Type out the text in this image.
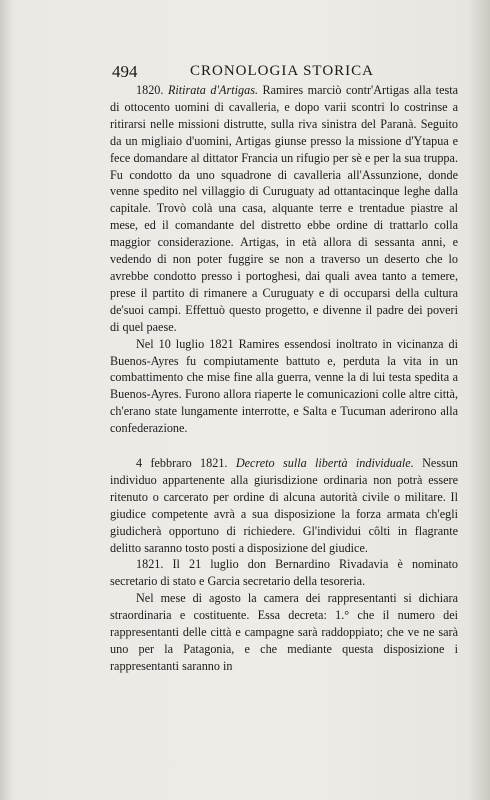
494	CRONOLOGIA STORICA

1820. Ritirata d'Artigas. Ramires marciò contr'Artigas alla testa di ottocento uomini di cavalleria, e dopo varii scontri lo costrinse a ritirarsi nelle missioni distrutte, sulla riva sinistra del Paranà. Seguito da un migliaio d'uomini, Artigas giunse presso la missione d'Ytapua e fece domandare al dittator Francia un rifugio per sè e per la sua truppa. Fu condotto da uno squadrone di cavalleria all'Assunzione, donde venne spedito nel villaggio di Curuguaty ad ottantacinque leghe dalla capitale. Trovò colà una casa, alquante terre e trentadue piastre al mese, ed il comandante del distretto ebbe ordine di trattarlo colla maggior considerazione. Artigas, in età allora di sessanta anni, e vedendo di non poter fuggire se non a traverso un deserto che lo avrebbe condotto presso i portoghesi, dai quali avea tanto a temere, prese il partito di rimanere a Curuguaty e di occuparsi della cultura de'suoi campi. Effettuò questo progetto, e divenne il padre dei poveri di quel paese.

Nel 10 luglio 1821 Ramires essendosi inoltrato in vicinanza di Buenos-Ayres fu compiutamente battuto e, perduta la vita in un combattimento che mise fine alla guerra, venne la di lui testa spedita a Buenos-Ayres. Furono allora riaperte le comunicazioni colle altre città, ch'erano state lungamente interrotte, e Salta e Tucuman aderirono alla confederazione.

4 febbraro 1821. Decreto sulla libertà individuale. Nessun individuo appartenente alla giurisdizione ordinaria non potrà essere ritenuto o carcerato per ordine di alcuna autorità civile o militare. Il giudice competente avrà a sua disposizione la forza armata ch'egli giudicherà opportuno di richiedere. Gl'individui côlti in flagrante delitto saranno tosto posti a disposizione del giudice.

1821. Il 21 luglio don Bernardino Rivadavia è nominato secretario di stato e Garcia secretario della tesoreria.

Nel mese di agosto la camera dei rappresentanti si dichiara straordinaria e costituente. Essa decreta: 1.° che il numero dei rappresentanti delle città e campagne sarà raddoppiato; che ve ne sarà uno per la Patagonia, e che mediante questa disposizione i rappresentanti saranno in
